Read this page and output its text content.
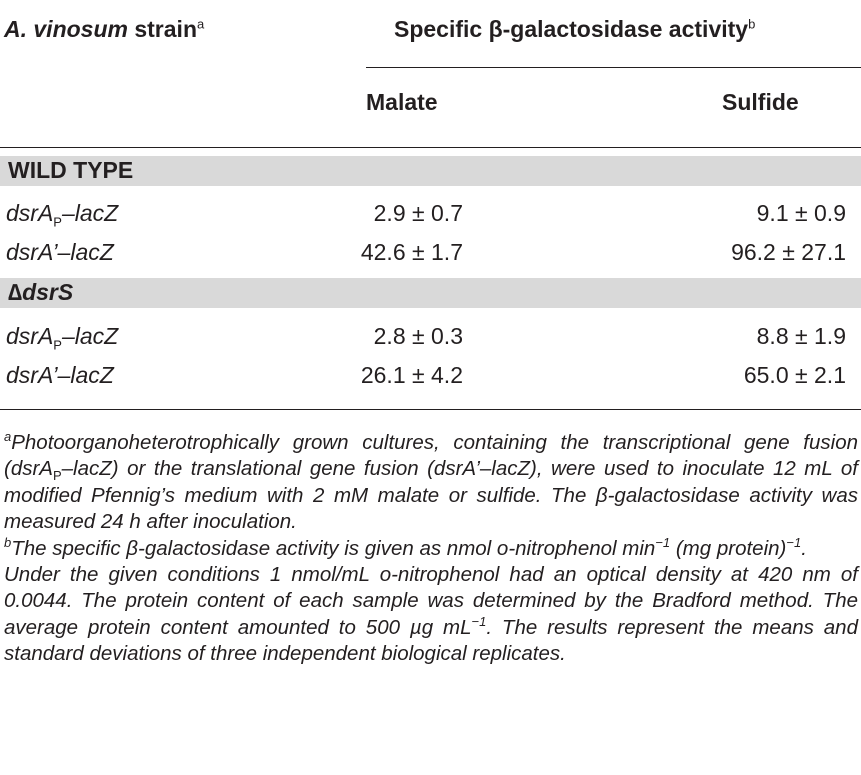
A. vinosum strain$^a$	Specific β-galactosidase activity$^b$
Malate	Sulfide
WILD TYPE
dsrA$_P$–lacZ	2.9 ± 0.7	9.1 ± 0.9
dsrA’–lacZ	42.6 ± 1.7	96.2 ± 27.1
∆dsrS
dsrA$_P$–lacZ	2.8 ± 0.3	8.8 ± 1.9
dsrA’–lacZ	26.1 ± 4.2	65.0 ± 2.1

$^a$Photoorganoheterotrophically grown cultures, containing the transcriptional gene fusion (dsrA$_P$–lacZ) or the translational gene fusion (dsrA’–lacZ), were used to inoculate 12 mL of modified Pfennig’s medium with 2 mM malate or sulfide. The β-galactosidase activity was measured 24 h after inoculation.

$^b$The specific β-galactosidase activity is given as nmol o-nitrophenol $\min^{-1} (mg$ protein)$^{-1}$.

Under the given conditions 1 nmol/mL o-nitrophenol had an optical density at 420 nm of 0.0044. The protein content of each sample was determined by the Bradford method. The average protein content amounted to 500 µg $mL^{-1}$. The results represent the means and standard deviations of three independent biological replicates.
